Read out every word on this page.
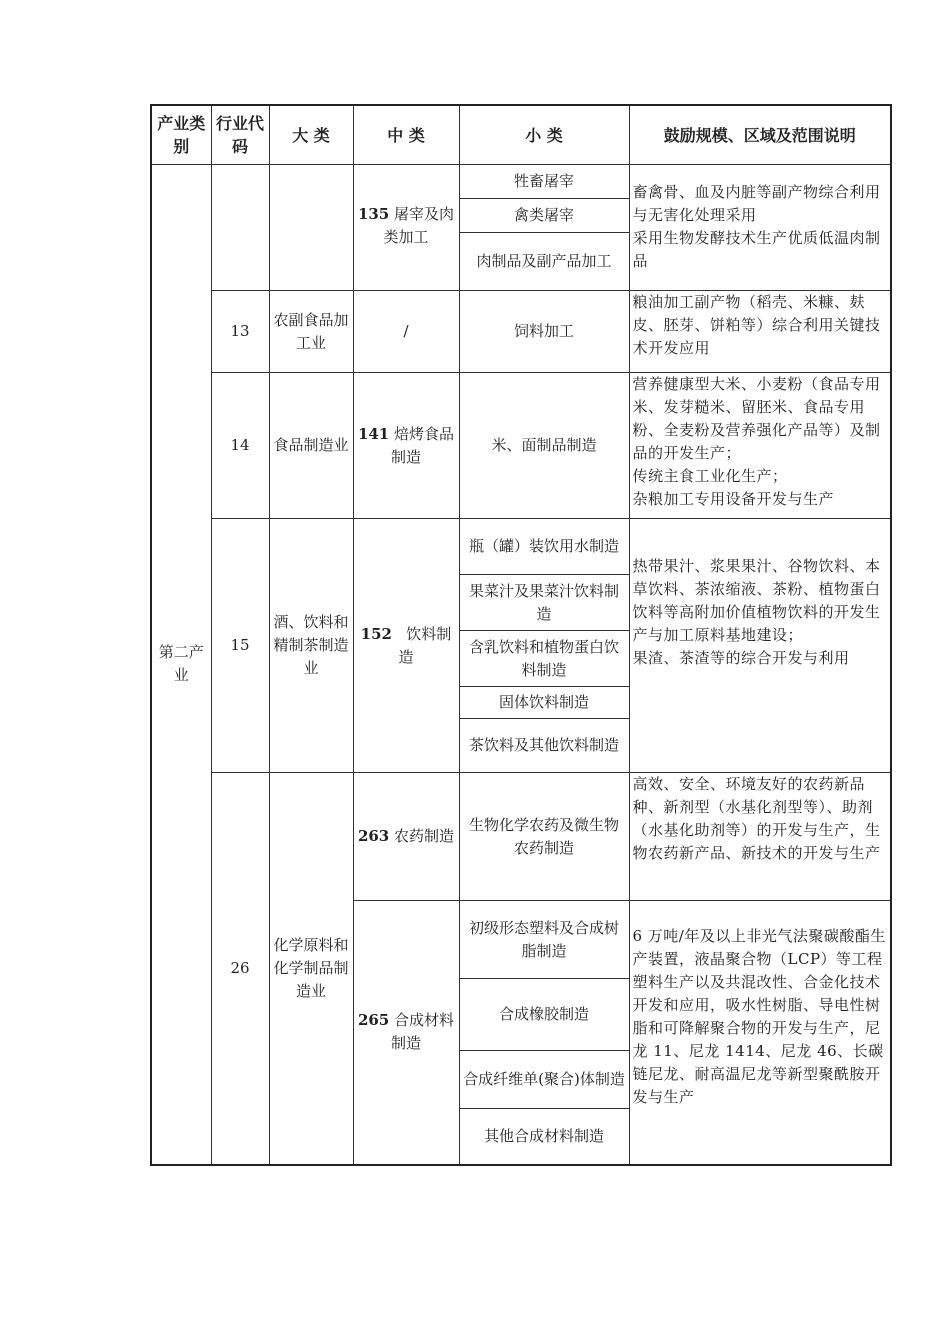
产业类别	行业代码	大 类	中 类	小 类	鼓励规模、区域及范围说明
第二产业			135 屠宰及肉类加工	牲畜屠宰	畜禽骨、血及内脏等副产物综合利用与无害化处理采用
采用生物发酵技术生产优质低温肉制品

				禽类屠宰	
				肉制品及副产品加工	
	13	农副食品加工业	/	饲料加工	粮油加工副产物（稻壳、米糠、麸皮、胚芽、饼粕等）综合利用关键技术开发应用

	14	食品制造业	141 焙烤食品制造	米、面制品制造	营养健康型大米、小麦粉（食品专用米、发芽糙米、留胚米、食品专用粉、全麦粉及营养强化产品等）及制品的开发生产；
传统主食工业化生产；
杂粮加工专用设备开发与生产

	15	酒、饮料和精制茶制造业	152 饮料制造	瓶（罐）装饮用水制造	热带果汁、浆果果汁、谷物饮料、本草饮料、茶浓缩液、茶粉、植物蛋白饮料等高附加价值植物饮料的开发生产与加工原料基地建设；
果渣、茶渣等的综合开发与利用

				果菜汁及果菜汁饮料制造	
				含乳饮料和植物蛋白饮料制造	
				固体饮料制造	
				茶饮料及其他饮料制造	
	26	化学原料和化学制品制造业	263 农药制造	生物化学农药及微生物农药制造	高效、安全、环境友好的农药新品种、新剂型（水基化剂型等）、助剂（水基化助剂等）的开发与生产，生物农药新产品、新技术的开发与生产

			265 合成材料制造	初级形态塑料及合成树脂制造	6 万吨/年及以上非光气法聚碳酸酯生产装置，液晶聚合物（LCP）等工程塑料生产以及共混改性、合金化技术开发和应用，吸水性树脂、导电性树脂和可降解聚合物的开发与生产，尼龙 11、尼龙 1414、尼龙 46、长碳链尼龙、耐高温尼龙等新型聚酰胺开发与生产

				合成橡胶制造	
				合成纤维单(聚合)体制造	
				其他合成材料制造	
